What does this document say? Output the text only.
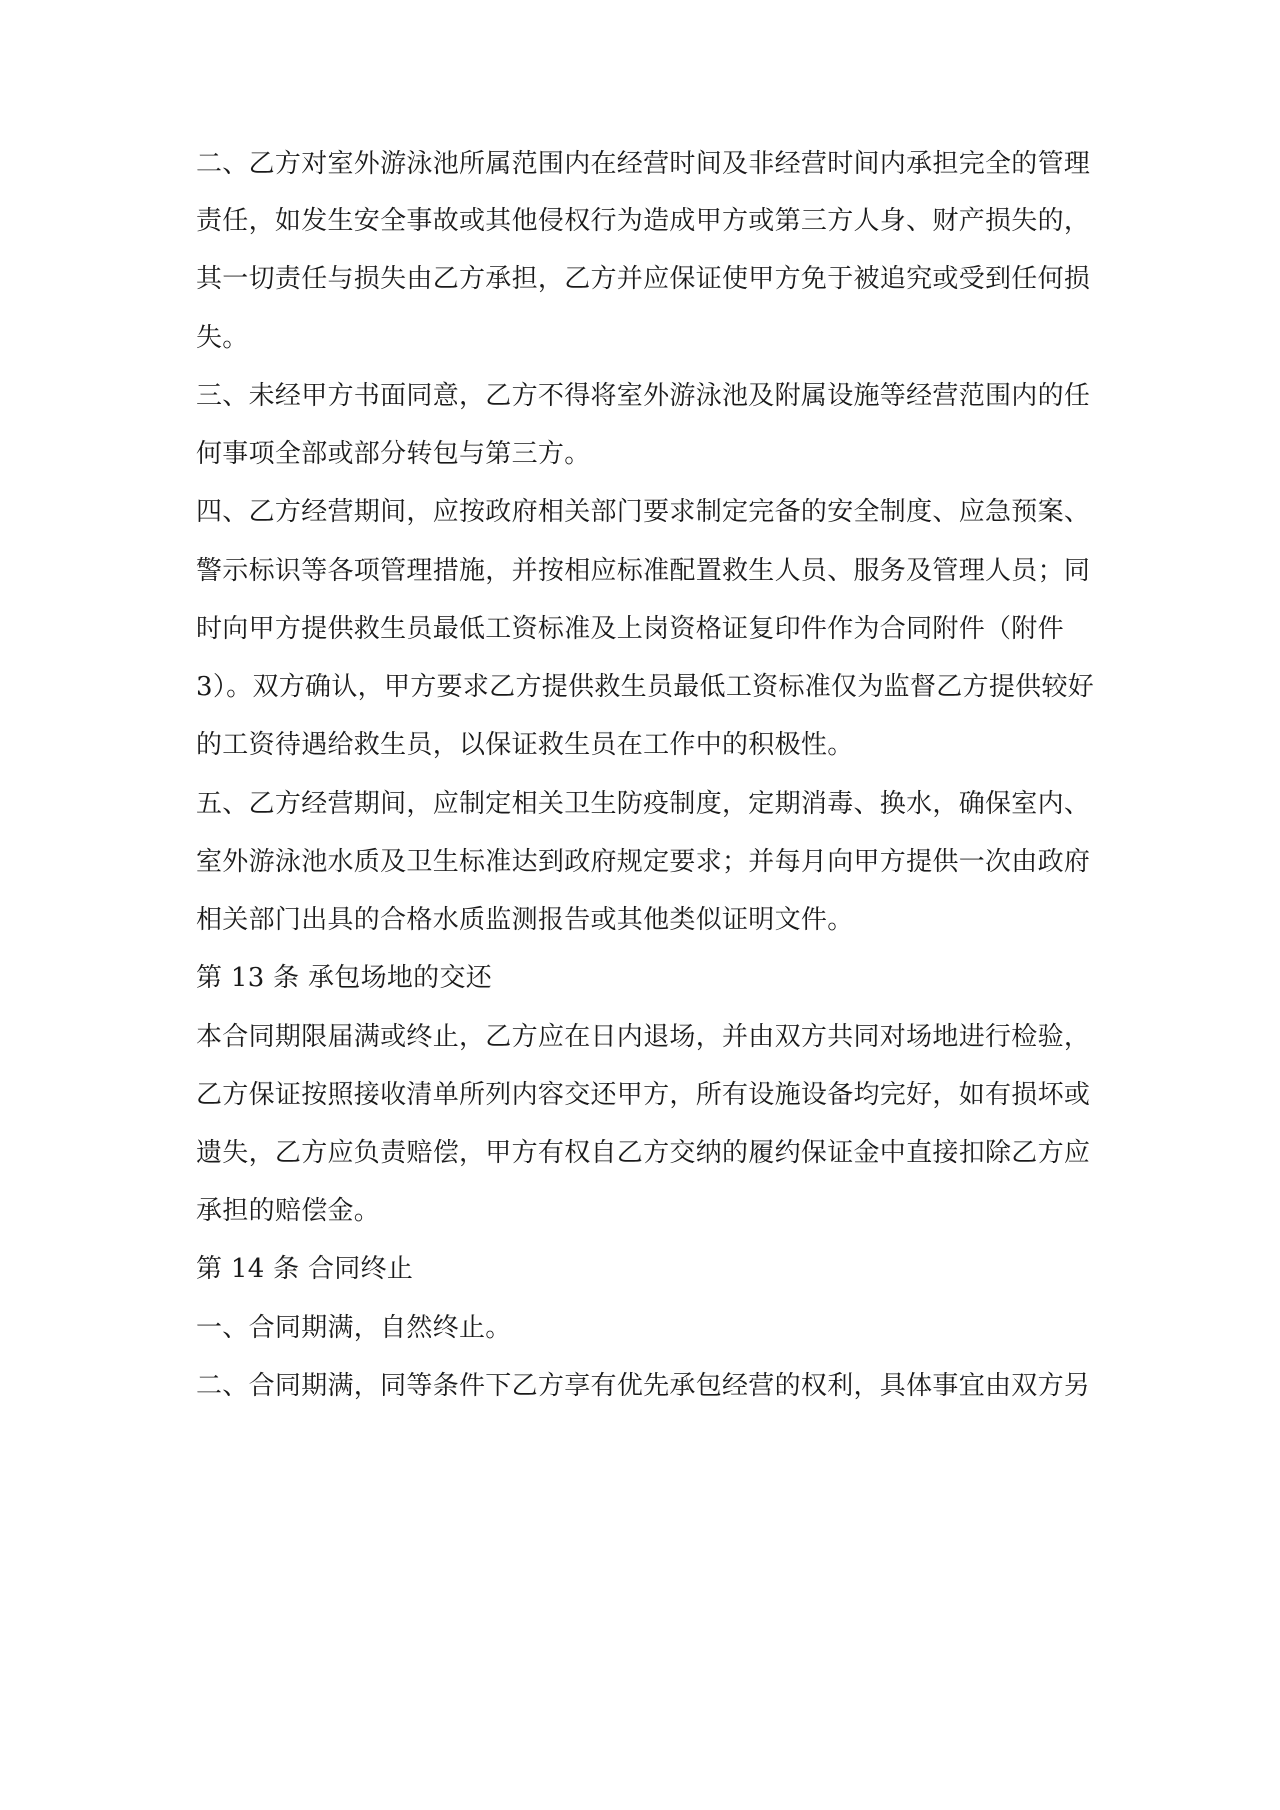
二、乙方对室外游泳池所属范围内在经营时间及非经营时间内承担完全的管理
责任，如发生安全事故或其他侵权行为造成甲方或第三方人身、财产损失的，
其一切责任与损失由乙方承担，乙方并应保证使甲方免于被追究或受到任何损
失。
三、未经甲方书面同意，乙方不得将室外游泳池及附属设施等经营范围内的任
何事项全部或部分转包与第三方。
四、乙方经营期间，应按政府相关部门要求制定完备的安全制度、应急预案、
警示标识等各项管理措施，并按相应标准配置救生人员、服务及管理人员；同
时向甲方提供救生员最低工资标准及上岗资格证复印件作为合同附件（附件
3）。双方确认，甲方要求乙方提供救生员最低工资标准仅为监督乙方提供较好
的工资待遇给救生员，以保证救生员在工作中的积极性。
五、乙方经营期间，应制定相关卫生防疫制度，定期消毒、换水，确保室内、
室外游泳池水质及卫生标准达到政府规定要求；并每月向甲方提供一次由政府
相关部门出具的合格水质监测报告或其他类似证明文件。
第 13 条 承包场地的交还
本合同期限届满或终止，乙方应在日内退场，并由双方共同对场地进行检验，
乙方保证按照接收清单所列内容交还甲方，所有设施设备均完好，如有损坏或
遗失，乙方应负责赔偿，甲方有权自乙方交纳的履约保证金中直接扣除乙方应
承担的赔偿金。
第 14 条 合同终止
一、合同期满，自然终止。
二、合同期满，同等条件下乙方享有优先承包经营的权利，具体事宜由双方另
